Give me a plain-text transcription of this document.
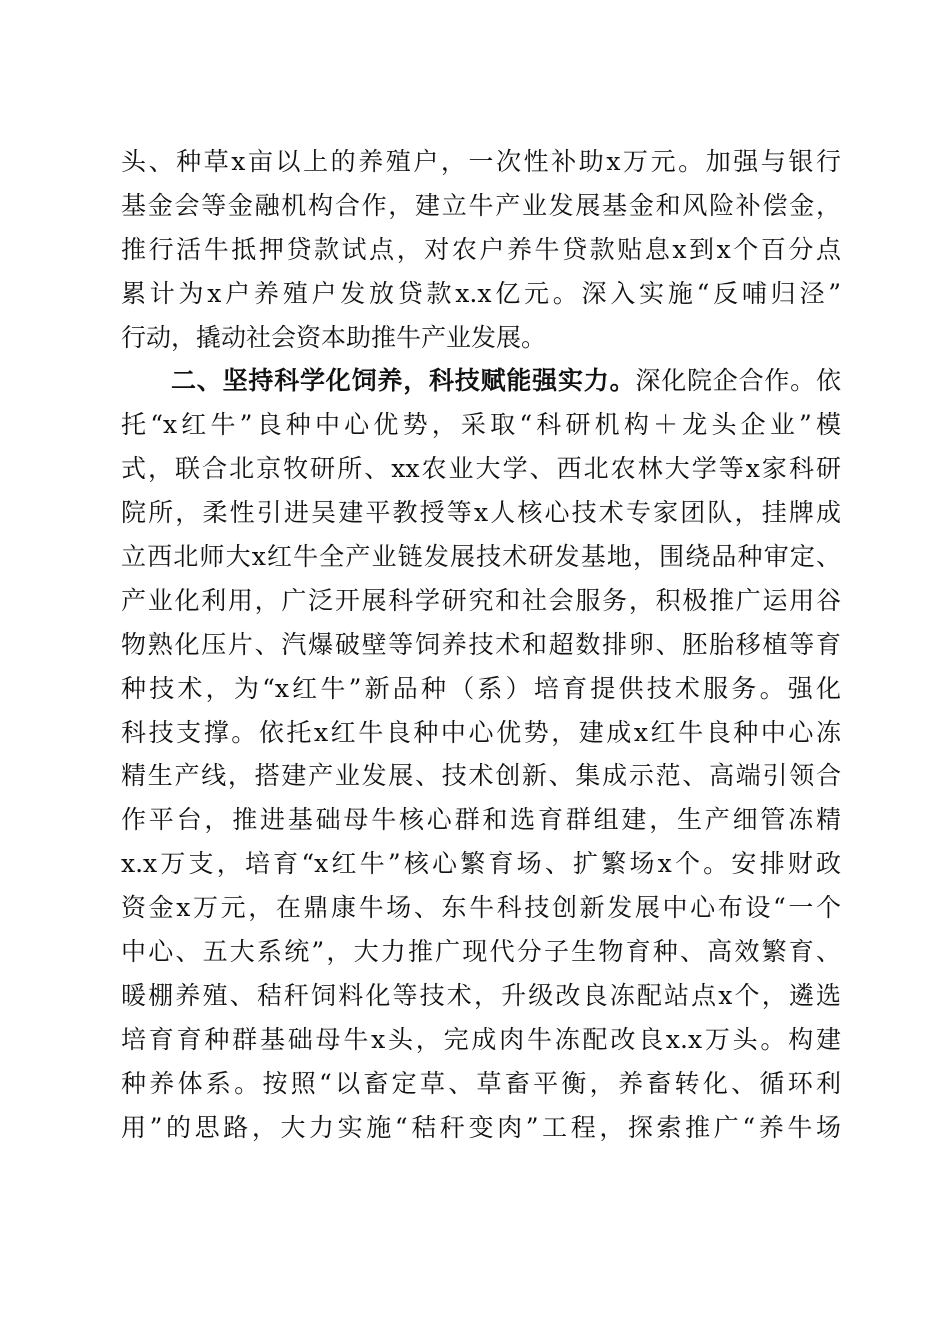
头、种草x亩以上的养殖户，一次性补助x万元。加强与银行
基金会等金融机构合作，建立牛产业发展基金和风险补偿金，
推行活牛抵押贷款试点，对农户养牛贷款贴息x到x个百分点
累计为x户养殖户发放贷款x.x亿元。深入实施“反哺归泾”
行动，撬动社会资本助推牛产业发展。
二、坚持科学化饲养，科技赋能强实力。深化院企合作。依
托“x红牛”良种中心优势，采取“科研机构＋龙头企业”模
式，联合北京牧研所、xx农业大学、西北农林大学等x家科研
院所，柔性引进吴建平教授等x人核心技术专家团队，挂牌成
立西北师大x红牛全产业链发展技术研发基地，围绕品种审定、
产业化利用，广泛开展科学研究和社会服务，积极推广运用谷
物熟化压片、汽爆破壁等饲养技术和超数排卵、胚胎移植等育
种技术，为“x红牛”新品种（系）培育提供技术服务。强化
科技支撑。依托x红牛良种中心优势，建成x红牛良种中心冻
精生产线，搭建产业发展、技术创新、集成示范、高端引领合
作平台，推进基础母牛核心群和选育群组建，生产细管冻精
x.x万支，培育“x红牛”核心繁育场、扩繁场x个。安排财政
资金x万元，在鼎康牛场、东牛科技创新发展中心布设“一个
中心、五大系统”，大力推广现代分子生物育种、高效繁育、
暖棚养殖、秸秆饲料化等技术，升级改良冻配站点x个，遴选
培育育种群基础母牛x头，完成肉牛冻配改良x.x万头。构建
种养体系。按照“以畜定草、草畜平衡，养畜转化、循环利
用”的思路，大力实施“秸秆变肉”工程，探索推广“养牛场
